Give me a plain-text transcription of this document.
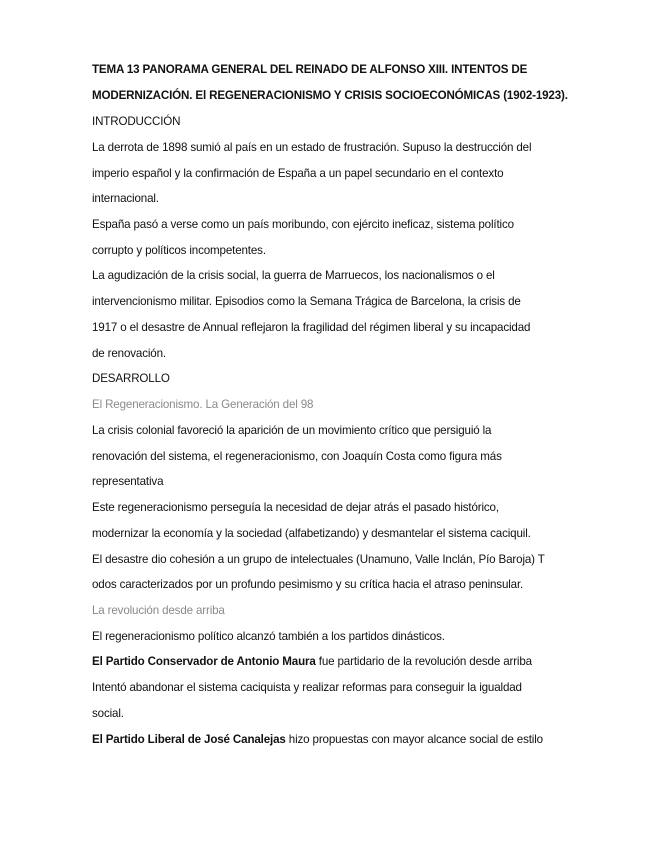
TEMA 13 PANORAMA GENERAL DEL REINADO DE ALFONSO XIII. INTENTOS DE
MODERNIZACIÓN. El REGENERACIONISMO Y CRISIS SOCIOECONÓMICAS (1902-1923).
INTRODUCCIÓN
La derrota de 1898 sumió al país en un estado de frustración. Supuso la destrucción del
imperio español y la confirmación de España a un papel secundario en el contexto
internacional.
España pasó a verse como un país moribundo, con ejército ineficaz, sistema político
corrupto y políticos incompetentes.
La agudización de la crisis social, la guerra de Marruecos, los nacionalismos o el
intervencionismo militar. Episodios como la Semana Trágica de Barcelona, la crisis de
1917 o el desastre de Annual reflejaron la fragilidad del régimen liberal y su incapacidad
de renovación.
DESARROLLO
El Regeneracionismo. La Generación del 98
La crisis colonial favoreció la aparición de un movimiento crítico que persiguió la
renovación del sistema, el regeneracionismo, con Joaquín Costa como figura más
representativa
Este regeneracionismo perseguía la necesidad de dejar atrás el pasado histórico,
modernizar la economía y la sociedad (alfabetizando) y desmantelar el sistema caciquil.
El desastre dio cohesión a un grupo de intelectuales (Unamuno, Valle Inclán, Pío Baroja) T
odos caracterizados por un profundo pesimismo y su crítica hacia el atraso peninsular.
La revolución desde arriba
El regeneracionismo político alcanzó también a los partidos dinásticos.
El Partido Conservador de Antonio Maura fue partidario de la revolución desde arriba
Intentó abandonar el sistema caciquista y realizar reformas para conseguir la igualdad
social.
El Partido Liberal de José Canalejas hizo propuestas con mayor alcance social de estilo
